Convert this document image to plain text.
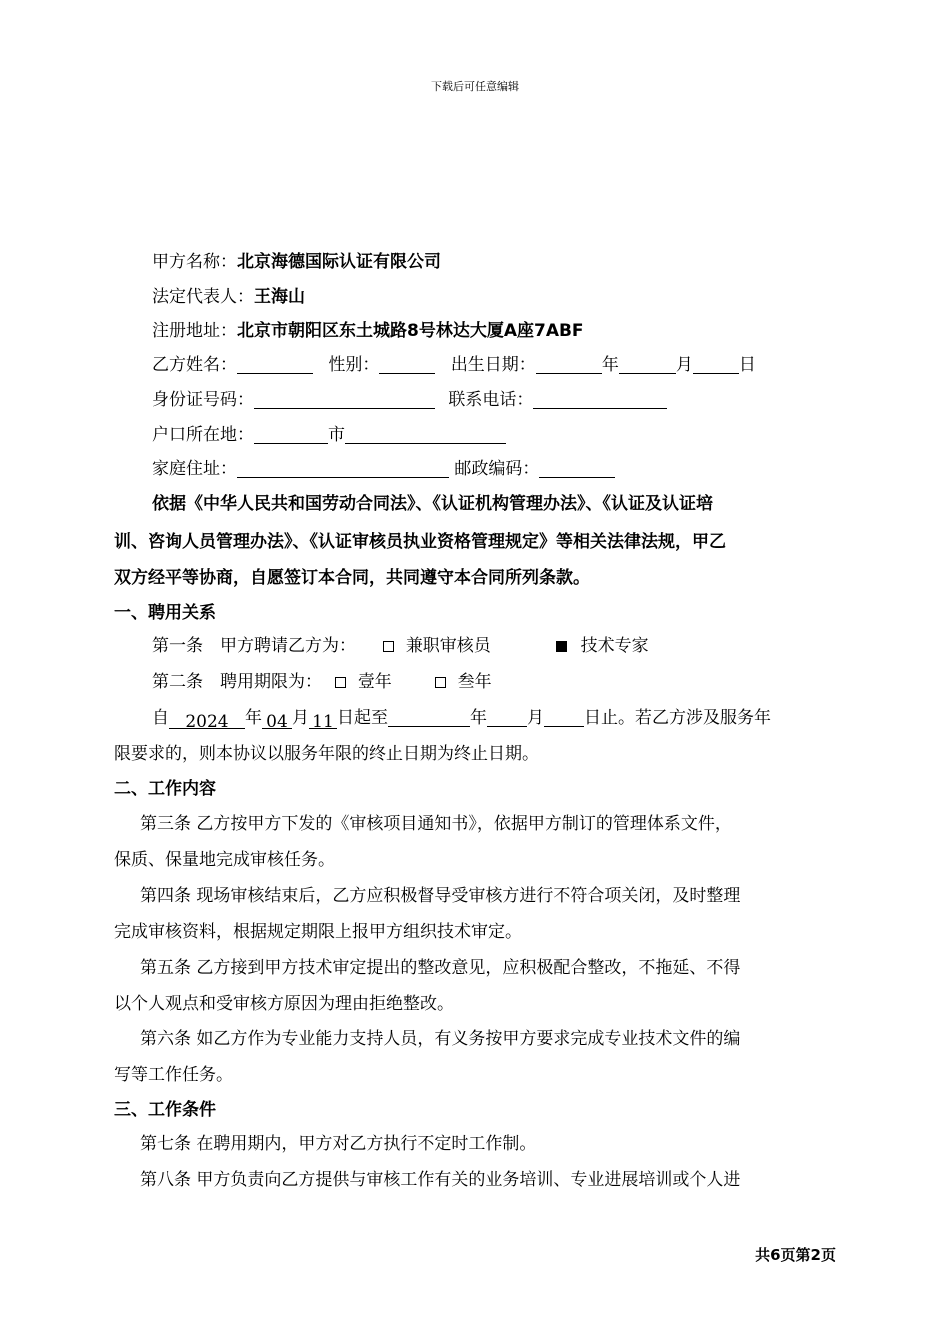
下载后可任意编辑
甲方名称：北京海德国际认证有限公司
法定代表人：王海山
注册地址：北京市朝阳区东土城路8号林达大厦A座7ABF
乙方姓名：	性别：	出生日期：	年	月	日
身份证号码：	联系电话：
户口所在地：	市
家庭住址：	邮政编码：
依据《中华人民共和国劳动合同法》、《认证机构管理办法》、《认证及认证培
训、咨询人员管理办法》、《认证审核员执业资格管理规定》等相关法律法规，甲乙
双方经平等协商，自愿签订本合同，共同遵守本合同所列条款。
一、聘用关系
第一条　甲方聘请乙方为：	兼职审核员	技术专家
第二条　聘用期限为： 壹年	叁年
自 2024 年 04 月 11 日起至	年 月 日止。若乙方涉及服务年
限要求的，则本协议以服务年限的终止日期为终止日期。
二、工作内容
第三条 乙方按甲方下发的《审核项目通知书》，依据甲方制订的管理体系文件，
保质、保量地完成审核任务。
第四条 现场审核结束后，乙方应积极督导受审核方进行不符合项关闭，及时整理
完成审核资料，根据规定期限上报甲方组织技术审定。
第五条 乙方接到甲方技术审定提出的整改意见，应积极配合整改，不拖延、不得
以个人观点和受审核方原因为理由拒绝整改。
第六条 如乙方作为专业能力支持人员，有义务按甲方要求完成专业技术文件的编
写等工作任务。
三、工作条件
第七条 在聘用期内，甲方对乙方执行不定时工作制。
第八条 甲方负责向乙方提供与审核工作有关的业务培训、专业进展培训或个人进
共6页第2页
